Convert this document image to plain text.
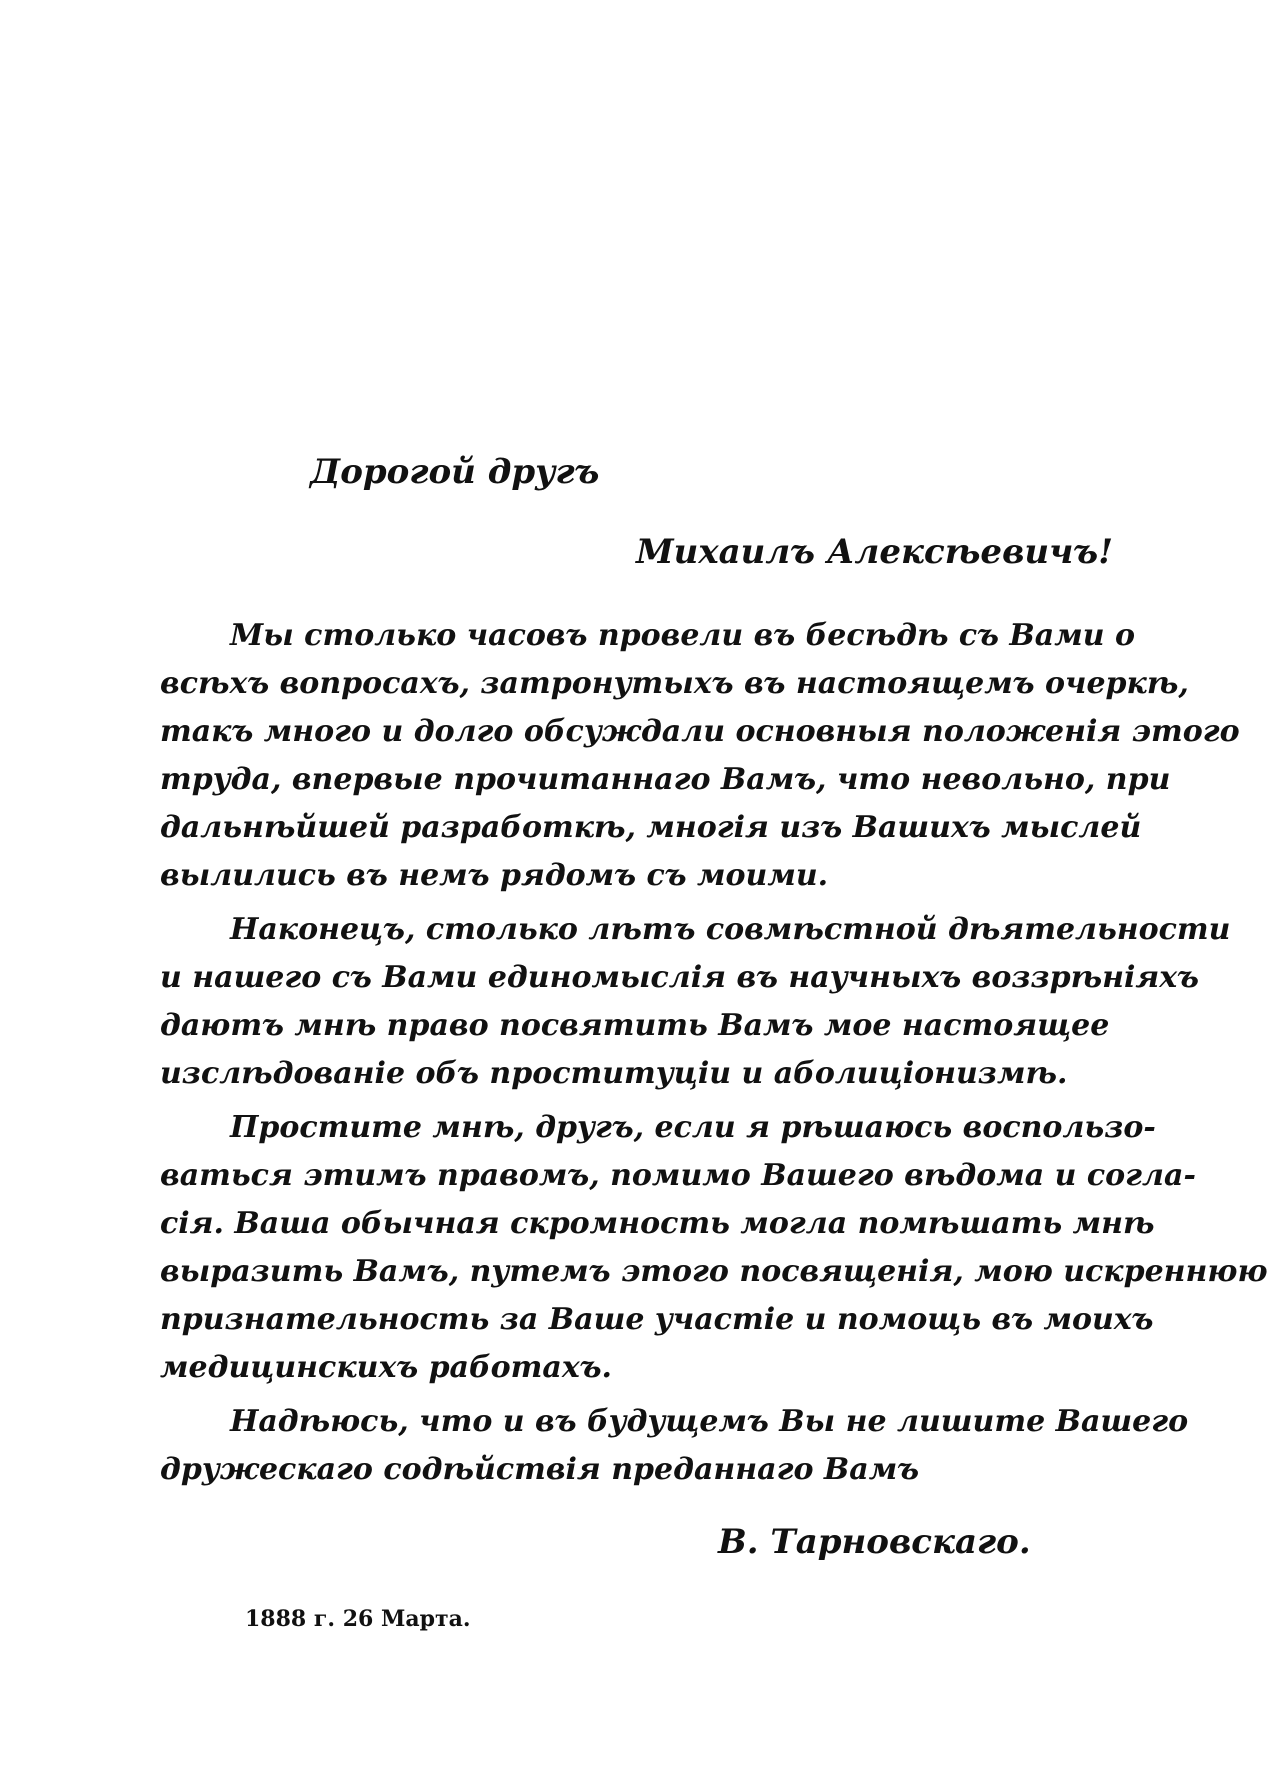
Дорогой другъ
Михаилъ Алексѣевичъ!
Мы столько часовъ провели въ бесѣдѣ съ Вами о
всѣхъ вопросахъ, затронутыхъ въ настоящемъ очеркѣ,
такъ много и долго обсуждали основныя положенія этого
труда, впервые прочитаннаго Вамъ, что невольно, при
дальнѣйшей разработкѣ, многія изъ Вашихъ мыслей
вылились въ немъ рядомъ съ моими.
Наконецъ, столько лѣтъ совмѣстной дѣятельности
и нашего съ Вами единомыслія въ научныхъ воззрѣніяхъ
даютъ мнѣ право посвятить Вамъ мое настоящее
изслѣдованіе объ проституціи и аболиціонизмѣ.
Простите мнѣ, другъ, если я рѣшаюсь воспользо-
ваться этимъ правомъ, помимо Вашего вѣдома и согла-
сія. Ваша обычная скромность могла помѣшать мнѣ
выразить Вамъ, путемъ этого посвященія, мою искреннюю
признательность за Ваше участіе и помощь въ моихъ
медицинскихъ работахъ.
Надѣюсь, что и въ будущемъ Вы не лишите Вашего
дружескаго содѣйствія преданнаго Вамъ
В. Тарновскаго.
1888 г. 26 Марта.
